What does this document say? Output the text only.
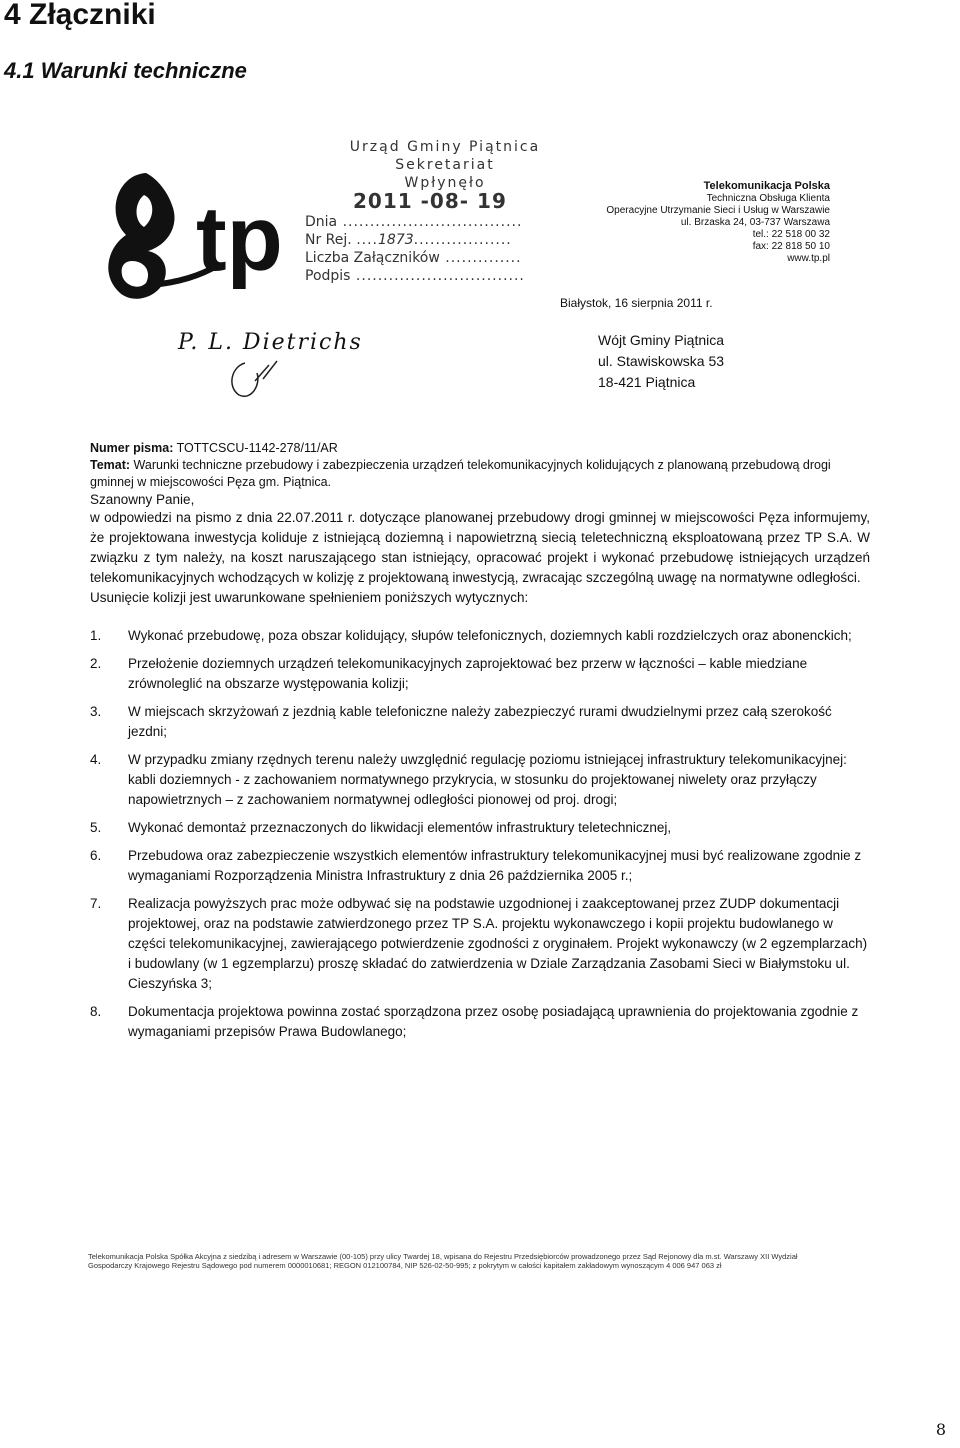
4 Złączniki
4.1 Warunki techniczne
tp
Urząd Gminy Piątnica
Sekretariat
Wpłynęło
2011 -08- 19
Dnia .................................
Nr Rej. ....1873..................
Liczba Załączników ..............
Podpis ...............................
Telekomunikacja Polska
Techniczna Obsługa Klienta
Operacyjne Utrzymanie Sieci i Usług w Warszawie
ul. Brzaska 24, 03-737 Warszawa
tel.: 22 518 00 32
fax: 22 818 50 10
www.tp.pl
Białystok, 16 sierpnia 2011 r.
P. L. Dietrichs	Wójt Gminy Piątnica
ul. Stawiskowska 53
18-421 Piątnica

Numer pisma: TOTTCSCU-1142-278/11/AR

Temat: Warunki techniczne przebudowy i zabezpieczenia urządzeń telekomunikacyjnych kolidujących z planowaną przebudową drogi gminnej w miejscowości Pęza gm. Piątnica.

Szanowny Panie,

w odpowiedzi na pismo z dnia 22.07.2011 r. dotyczące planowanej przebudowy drogi gminnej w miejscowości Pęza informujemy, że projektowana inwestycja koliduje z istniejącą doziemną i napowietrzną siecią teletechniczną eksploatowaną przez TP S.A. W związku z tym należy, na koszt naruszającego stan istniejący, opracować projekt i wykonać przebudowę istniejących urządzeń telekomunikacyjnych wchodzących w kolizję z projektowaną inwestycją, zwracając szczególną uwagę na normatywne odległości.

Usunięcie kolizji jest uwarunkowane spełnieniem poniższych wytycznych:

1. Wykonać przebudowę, poza obszar kolidujący, słupów telefonicznych, doziemnych kabli rozdzielczych oraz abonenckich;
2. Przełożenie doziemnych urządzeń telekomunikacyjnych zaprojektować bez przerw w łączności – kable miedziane zrównoleglić na obszarze występowania kolizji;
3. W miejscach skrzyżowań z jezdnią kable telefoniczne należy zabezpieczyć rurami dwudzielnymi przez całą szerokość jezdni;
4. W przypadku zmiany rzędnych terenu należy uwzględnić regulację poziomu istniejącej infrastruktury telekomunikacyjnej: kabli doziemnych - z zachowaniem normatywnego przykrycia, w stosunku do projektowanej niwelety oraz przyłączy napowietrznych – z zachowaniem normatywnej odległości pionowej od proj. drogi;
5. Wykonać demontaż przeznaczonych do likwidacji elementów infrastruktury teletechnicznej,
6. Przebudowa oraz zabezpieczenie wszystkich elementów infrastruktury telekomunikacyjnej musi być realizowane zgodnie z wymaganiami Rozporządzenia Ministra Infrastruktury z dnia 26 października 2005 r.;
7. Realizacja powyższych prac może odbywać się na podstawie uzgodnionej i zaakceptowanej przez ZUDP dokumentacji projektowej, oraz na podstawie zatwierdzonego przez TP S.A. projektu wykonawczego i kopii projektu budowlanego w części telekomunikacyjnej, zawierającego potwierdzenie zgodności z oryginałem. Projekt wykonawczy (w 2 egzemplarzach) i budowlany (w 1 egzemplarzu) proszę składać do zatwierdzenia w Dziale Zarządzania Zasobami Sieci w Białymstoku ul. Cieszyńska 3;
8. Dokumentacja projektowa powinna zostać sporządzona przez osobę posiadającą uprawnienia do projektowania zgodnie z wymaganiami przepisów Prawa Budowlanego;
Telekomunikacja Polska Spółka Akcyjna z siedzibą i adresem w Warszawie (00-105) przy ulicy Twardej 18, wpisana do Rejestru Przedsiębiorców prowadzonego przez Sąd Rejonowy dla m.st. Warszawy XII Wydział Gospodarczy Krajowego Rejestru Sądowego pod numerem 0000010681; REGON 012100784, NIP 526-02-50-995; z pokrytym w całości kapitałem zakładowym wynoszącym 4 006 947 063 zł
8
